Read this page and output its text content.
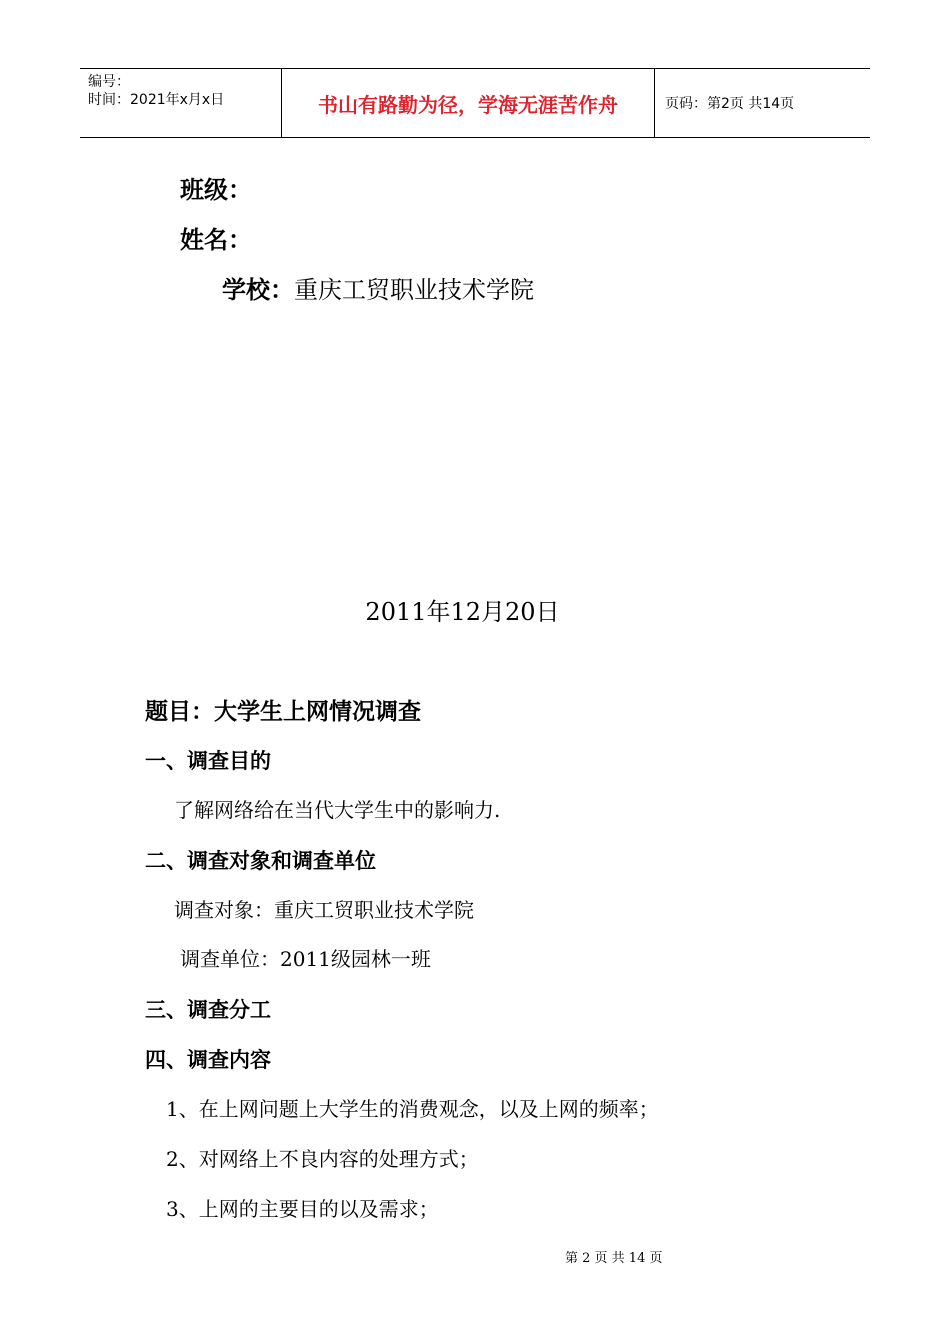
编号：
时间：2021年x月x日	书山有路勤为径，学海无涯苦作舟	页码：第2页 共14页
班级：
姓名：
学校：重庆工贸职业技术学院
2011年12月20日
题目：大学生上网情况调查
一、调查目的
了解网络给在当代大学生中的影响力.
二、调查对象和调查单位
调查对象：重庆工贸职业技术学院
调查单位：2011级园林一班
三、调查分工
四、调查内容
1、在上网问题上大学生的消费观念，以及上网的频率；
2、对网络上不良内容的处理方式；
3、上网的主要目的以及需求；
第 2 页 共 14 页
